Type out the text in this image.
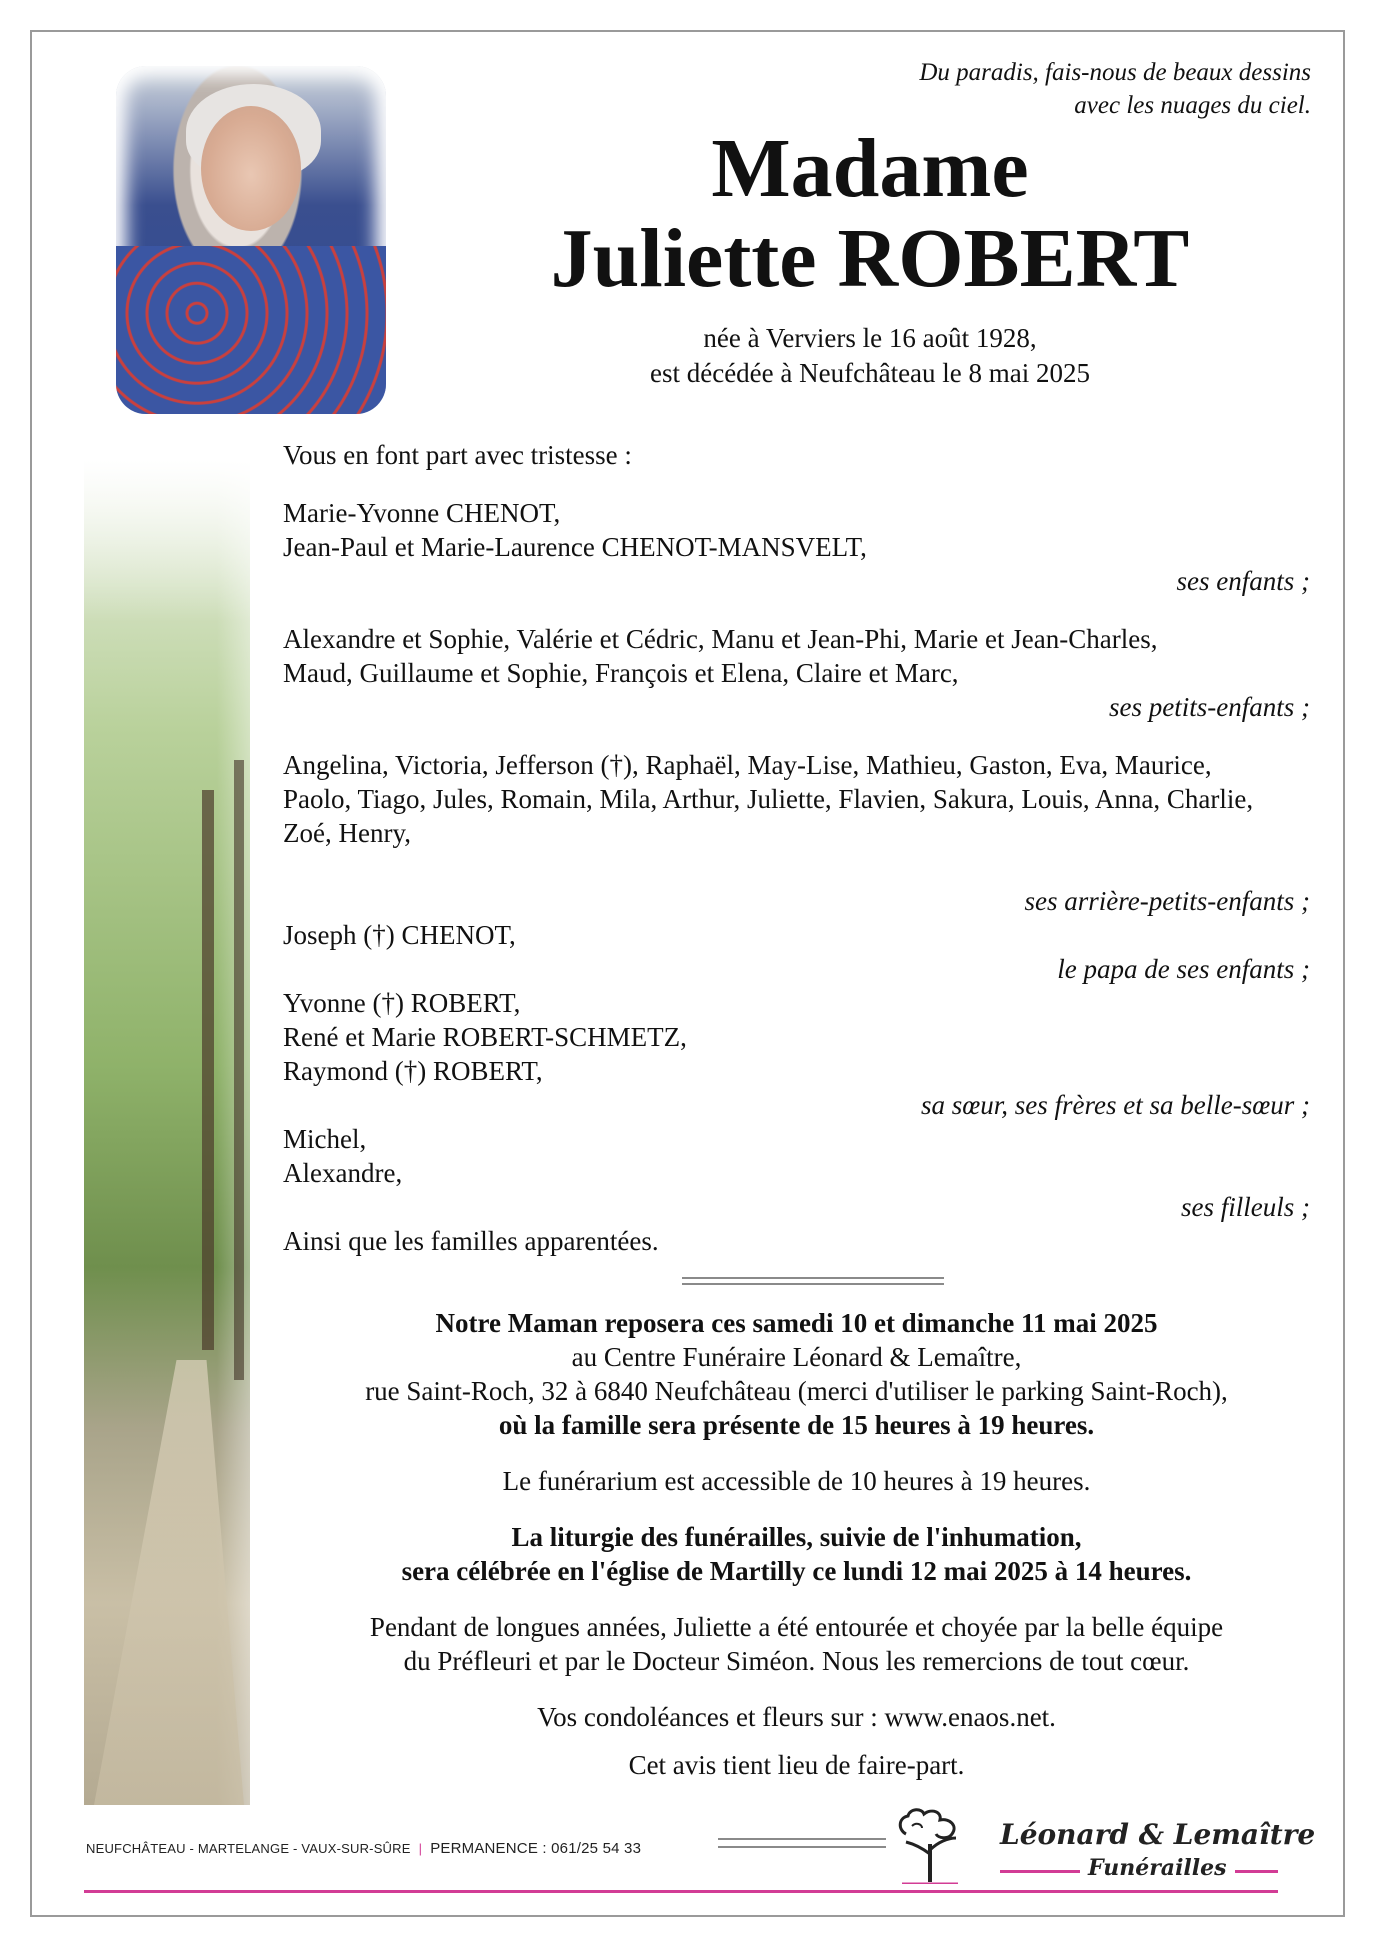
Du paradis, fais-nous de beaux dessins
avec les nuages du ciel.
Madame
Juliette ROBERT
née à Verviers le 16 août 1928,
est décédée à Neufchâteau le 8 mai 2025

Vous en font part avec tristesse :

Marie-Yvonne CHENOT,

Jean-Paul et Marie-Laurence CHENOT-MANSVELT,

ses enfants ;

Alexandre et Sophie, Valérie et Cédric, Manu et Jean-Phi, Marie et Jean-Charles,

Maud, Guillaume et Sophie, François et Elena, Claire et Marc,

ses petits-enfants ;

Angelina, Victoria, Jefferson (†), Raphaël, May-Lise, Mathieu, Gaston, Eva, Maurice,

Paolo, Tiago, Jules, Romain, Mila, Arthur, Juliette, Flavien, Sakura, Louis, Anna, Charlie,

Zoé, Henry,

ses arrière-petits-enfants ;

Joseph (†) CHENOT,

le papa de ses enfants ;

Yvonne (†) ROBERT,

René et Marie ROBERT-SCHMETZ,

Raymond (†) ROBERT,

sa sœur, ses frères et sa belle-sœur ;

Michel,

Alexandre,

ses filleuls ;

Ainsi que les familles apparentées.

Notre Maman reposera ces samedi 10 et dimanche 11 mai 2025
au Centre Funéraire Léonard & Lemaître,
rue Saint-Roch, 32 à 6840 Neufchâteau (merci d'utiliser le parking Saint-Roch),
où la famille sera présente de 15 heures à 19 heures.
Le funérarium est accessible de 10 heures à 19 heures.
La liturgie des funérailles, suivie de l'inhumation,
sera célébrée en l'église de Martilly ce lundi 12 mai 2025 à 14 heures.
Pendant de longues années, Juliette a été entourée et choyée par la belle équipe
du Préfleuri et par le Docteur Siméon. Nous les remercions de tout cœur.
Vos condoléances et fleurs sur : www.enaos.net.
Cet avis tient lieu de faire-part.
NEUFCHÂTEAU - MARTELANGE - VAUX-SUR-SÛRE | PERMANENCE : 061/25 54 33	Léonard & Lemaître
Funérailles
